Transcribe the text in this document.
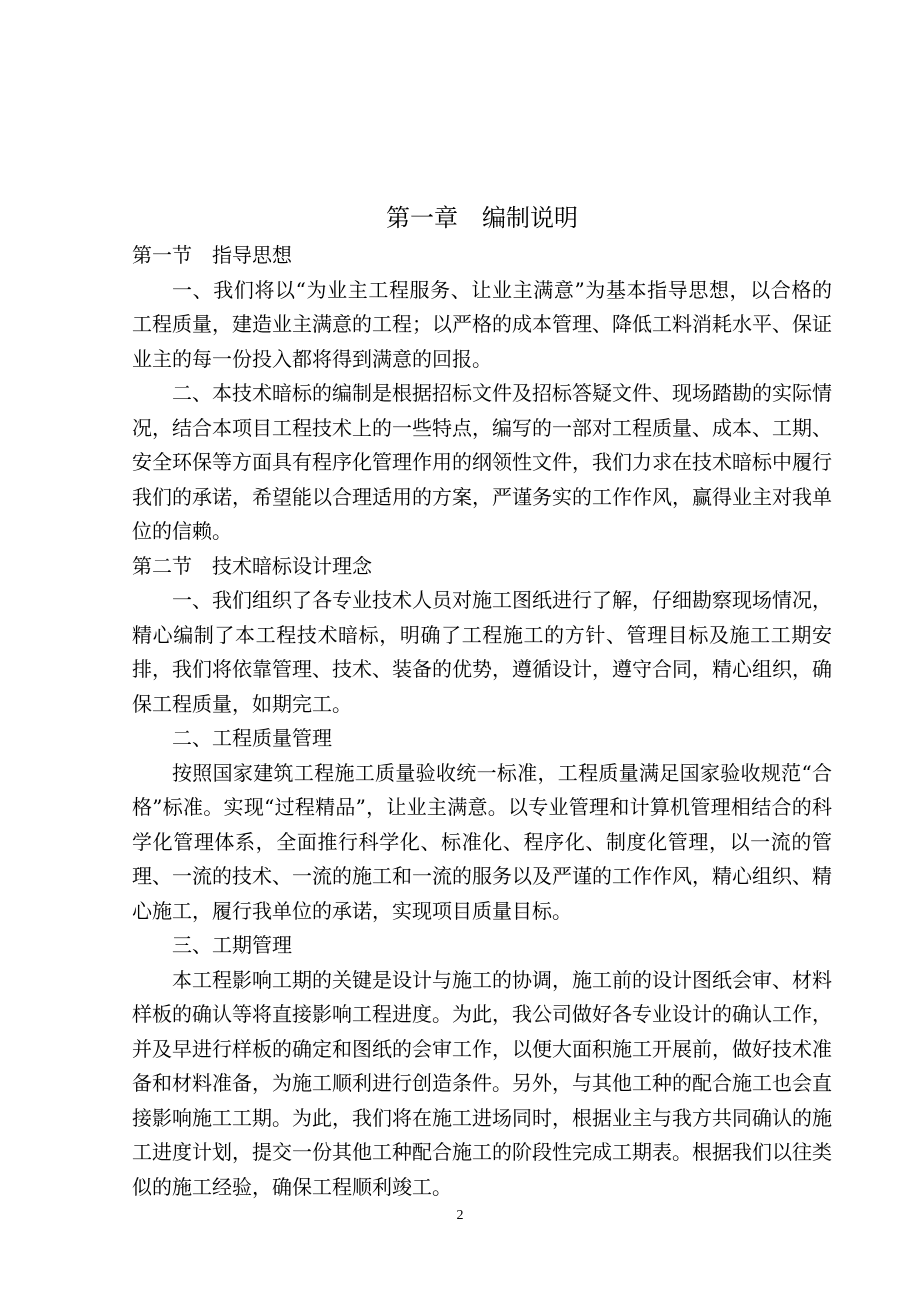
第一章　编制说明

第一节　指导思想

一、我们将以“为业主工程服务、让业主满意”为基本指导思想，以合格的工程质量，建造业主满意的工程；以严格的成本管理、降低工料消耗水平、保证业主的每一份投入都将得到满意的回报。

二、本技术暗标的编制是根据招标文件及招标答疑文件、现场踏勘的实际情况，结合本项目工程技术上的一些特点，编写的一部对工程质量、成本、工期、安全环保等方面具有程序化管理作用的纲领性文件，我们力求在技术暗标中履行我们的承诺，希望能以合理适用的方案，严谨务实的工作作风，赢得业主对我单位的信赖。

第二节　技术暗标设计理念

一、我们组织了各专业技术人员对施工图纸进行了解，仔细勘察现场情况，精心编制了本工程技术暗标，明确了工程施工的方针、管理目标及施工工期安排，我们将依靠管理、技术、装备的优势，遵循设计，遵守合同，精心组织，确保工程质量，如期完工。

二、工程质量管理

按照国家建筑工程施工质量验收统一标准，工程质量满足国家验收规范“合格”标准。实现“过程精品”，让业主满意。以专业管理和计算机管理相结合的科学化管理体系，全面推行科学化、标准化、程序化、制度化管理，以一流的管理、一流的技术、一流的施工和一流的服务以及严谨的工作作风，精心组织、精心施工，履行我单位的承诺，实现项目质量目标。

三、工期管理

本工程影响工期的关键是设计与施工的协调，施工前的设计图纸会审、材料样板的确认等将直接影响工程进度。为此，我公司做好各专业设计的确认工作，并及早进行样板的确定和图纸的会审工作，以便大面积施工开展前，做好技术准备和材料准备，为施工顺利进行创造条件。另外，与其他工种的配合施工也会直接影响施工工期。为此，我们将在施工进场同时，根据业主与我方共同确认的施工进度计划，提交一份其他工种配合施工的阶段性完成工期表。根据我们以往类似的施工经验，确保工程顺利竣工。

2
